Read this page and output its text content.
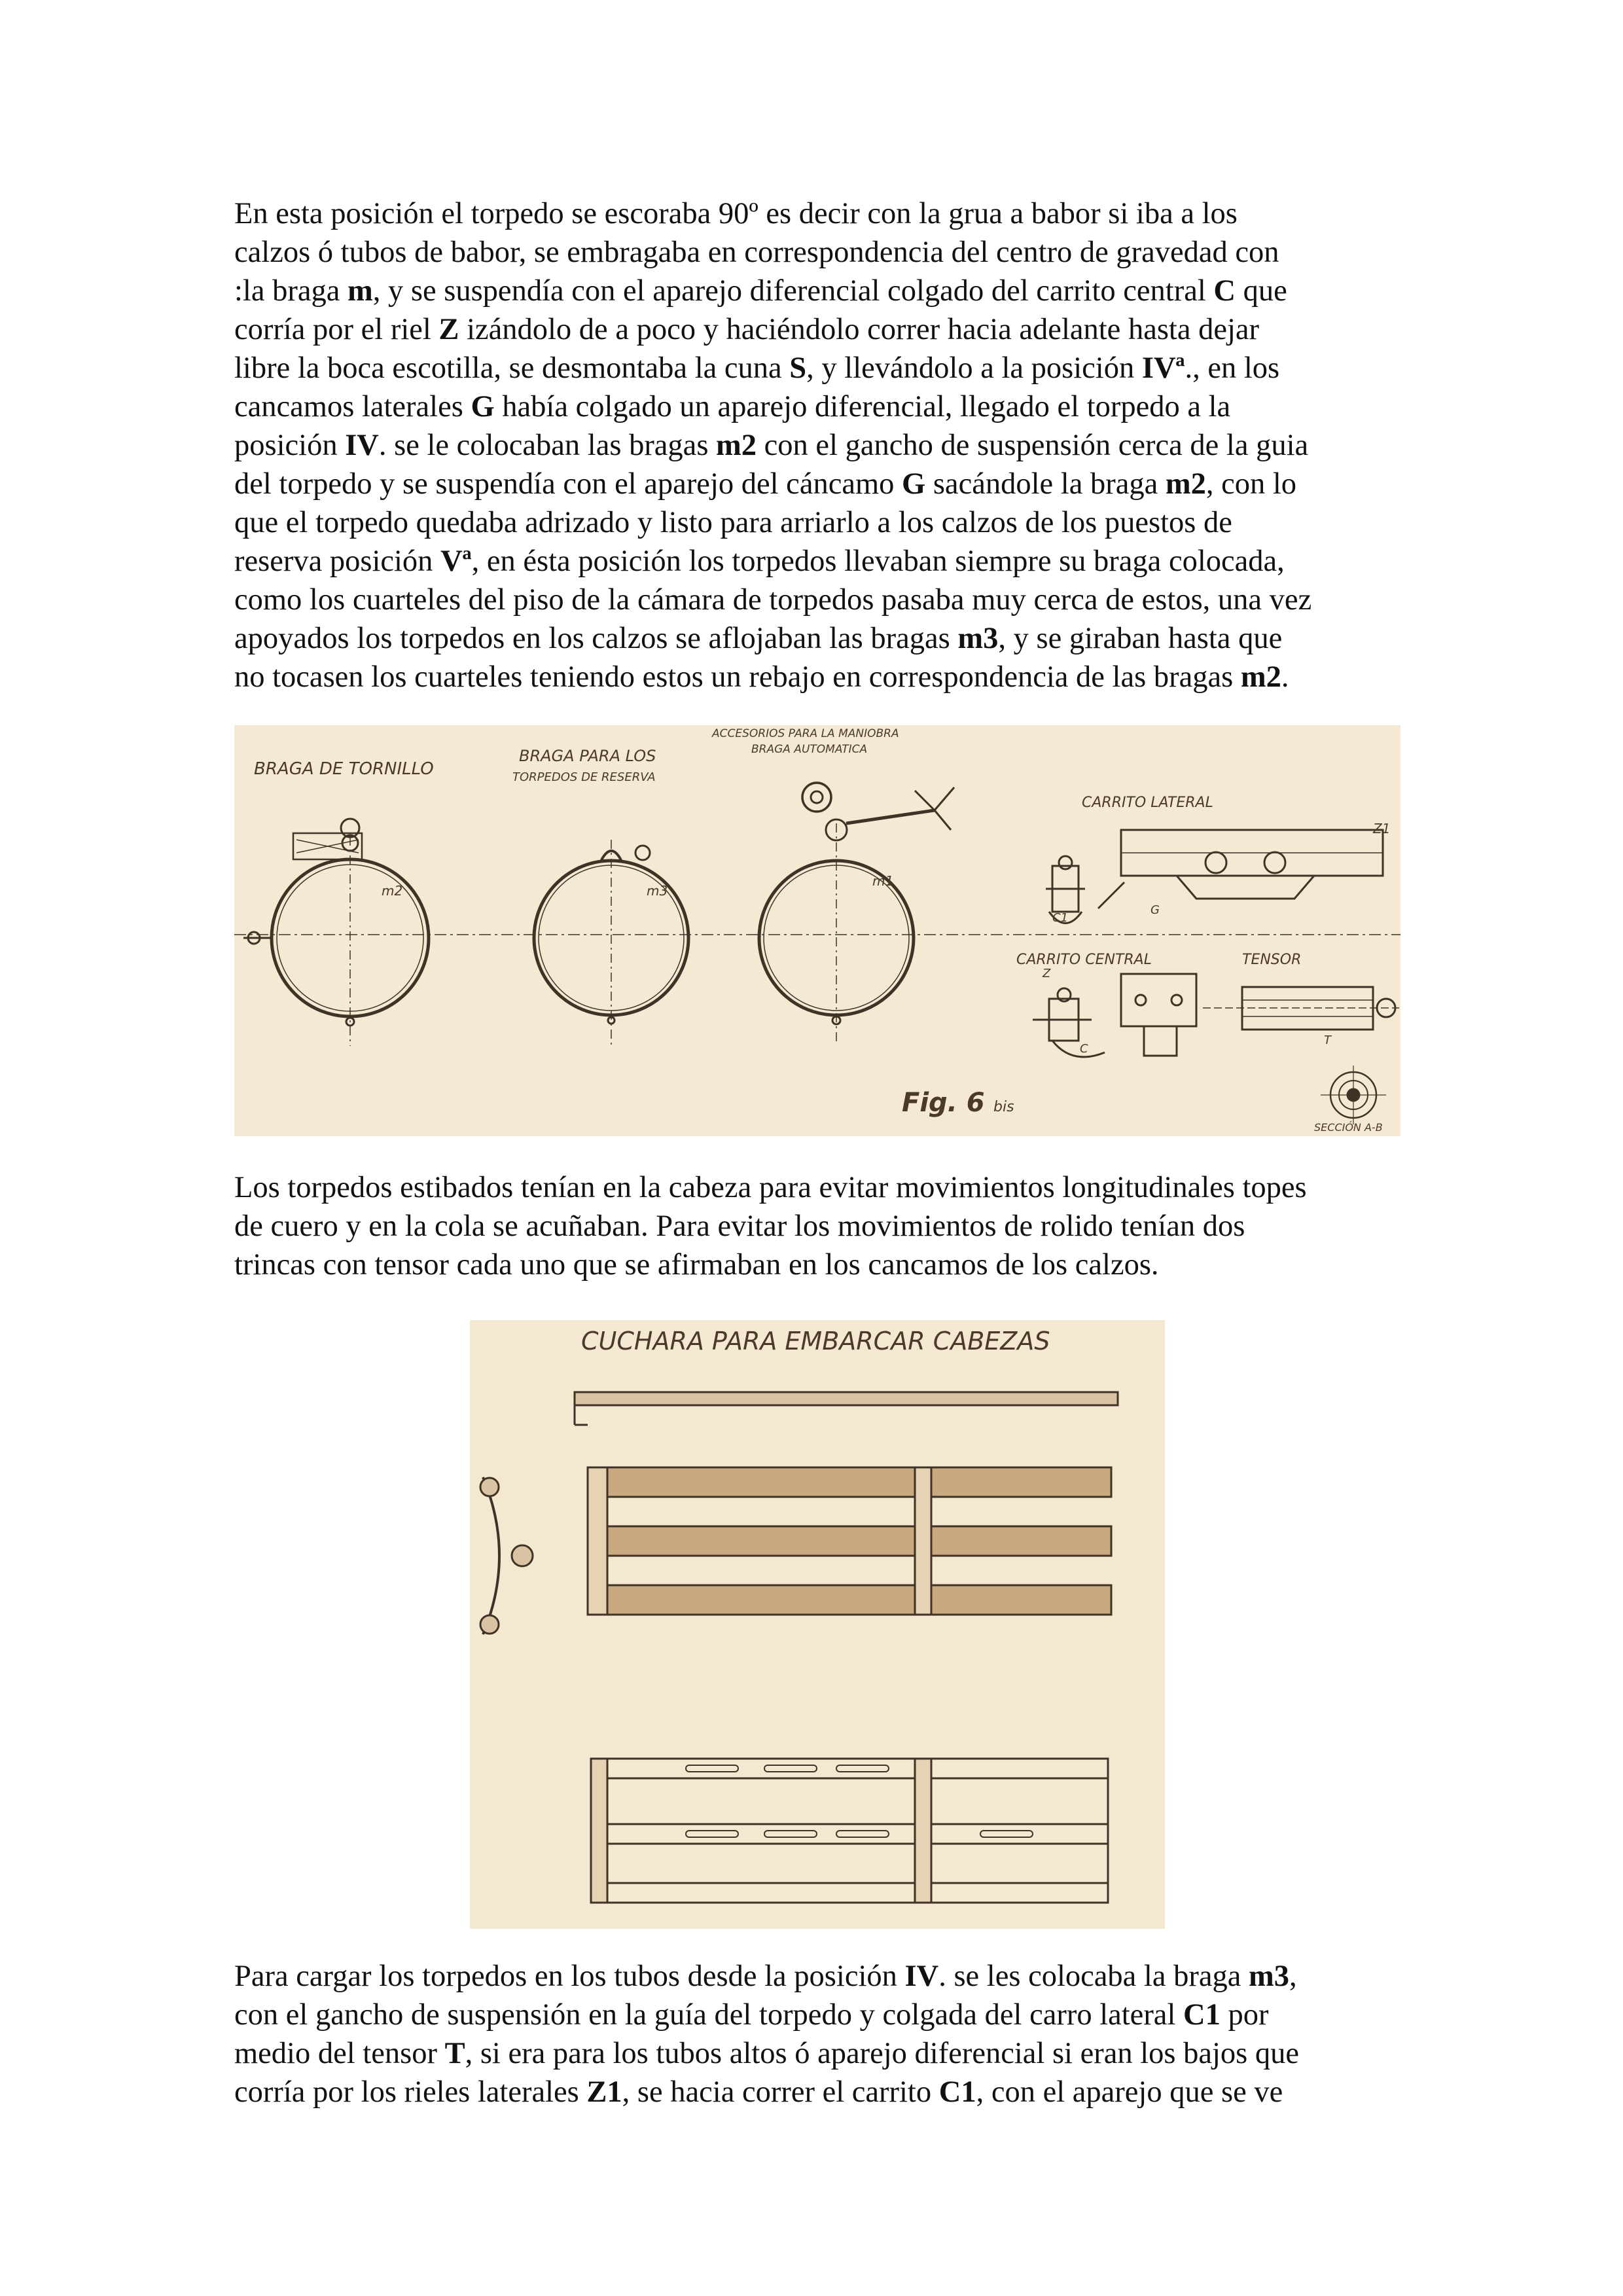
En esta posición el torpedo se escoraba 90º es decir con la grua a babor si iba a los
calzos ó tubos de babor, se embragaba en correspondencia del centro de gravedad con
:la braga m, y se suspendía con el aparejo diferencial colgado del carrito central C que
corría por el riel Z izándolo de a poco y haciéndolo correr hacia adelante hasta dejar
libre la boca escotilla, se desmontaba la cuna S, y llevándolo a la posición IVª., en los
cancamos laterales G había colgado un aparejo diferencial, llegado el torpedo a la
posición IV. se le colocaban las bragas m2 con el gancho de suspensión cerca de la guia
del torpedo y se suspendía con el aparejo del cáncamo G sacándole la braga m2, con lo
que el torpedo quedaba adrizado y listo para arriarlo a los calzos de los puestos de
reserva posición Vª, en ésta posición los torpedos llevaban siempre su braga colocada,
como los cuarteles del piso de la cámara de torpedos pasaba muy cerca de estos, una vez
apoyados los torpedos en los calzos se aflojaban las bragas m3, y se giraban hasta que
no tocasen los cuarteles teniendo estos un rebajo en correspondencia de las bragas m2.
BRAGA DE TORNILLO
BRAGA PARA LOS
TORPEDOS DE RESERVA
ACCESORIOS PARA LA MANIOBRA
BRAGA AUTOMATICA
CARRITO LATERAL
CARRITO CENTRAL	TENSOR
SECCIÓN A-B
m2	m3
m1
Z1
Z
C1
C
T
G
Fig. 6 bis
Los torpedos estibados tenían en la cabeza para evitar movimientos longitudinales topes
de cuero y en la cola se acuñaban. Para evitar los movimientos de rolido tenían dos
trincas con tensor cada uno que se afirmaban en los cancamos de los calzos.
CUCHARA PARA EMBARCAR CABEZAS
Para cargar los torpedos en los tubos desde la posición IV. se les colocaba la braga m3,
con el gancho de suspensión en la guía del torpedo y colgada del carro lateral C1 por
medio del tensor T, si era para los tubos altos ó aparejo diferencial si eran los bajos que
corría por los rieles laterales Z1, se hacia correr el carrito C1, con el aparejo que se ve
